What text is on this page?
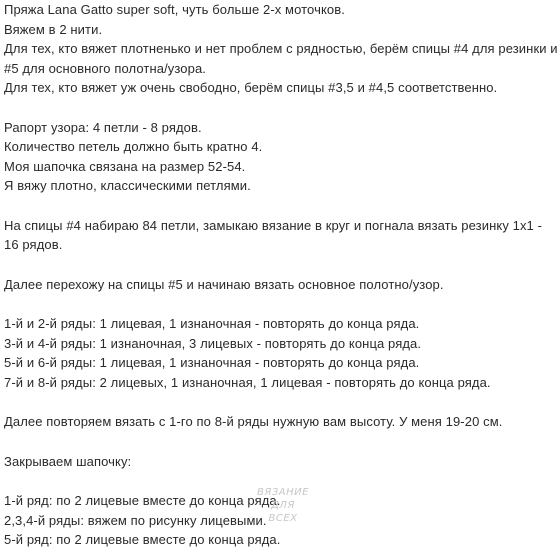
Пряжа Lana Gatto super soft, чуть больше 2-х моточков.

Вяжем в 2 нити.

Для тех, кто вяжет плотненько и нет проблем с рядностью, берём спицы #4 для резинки и #5 для основного полотна/узора.

Для тех, кто вяжет уж очень свободно, берём спицы #3,5 и #4,5 соответственно.

Рапорт узора: 4 петли - 8 рядов.

Количество петель должно быть кратно 4.

Моя шапочка связана на размер 52-54.

Я вяжу плотно, классическими петлями.

На спицы #4 набираю 84 петли, замыкаю вязание в круг и погнала вязать резинку 1х1 - 16 рядов.

Далее перехожу на спицы #5 и начинаю вязать основное полотно/узор.

1-й и 2-й ряды: 1 лицевая, 1 изнаночная - повторять до конца ряда.

3-й и 4-й ряды: 1 изнаночная, 3 лицевых - повторять до конца ряда.

5-й и 6-й ряды: 1 лицевая, 1 изнаночная - повторять до конца ряда.

7-й и 8-й ряды: 2 лицевых, 1 изнаночная, 1 лицевая - повторять до конца ряда.

Далее повторяем вязать с 1-го по 8-й ряды нужную вам высоту. У меня 19-20 см.

Закрываем шапочку:

1-й ряд: по 2 лицевые вместе до конца ряда.

2,3,4-й ряды: вяжем по рисунку лицевыми.

5-й ряд: по 2 лицевые вместе до конца ряда.

ВЯЗАНИЕ
ДЛЯ
ВСЕХ
